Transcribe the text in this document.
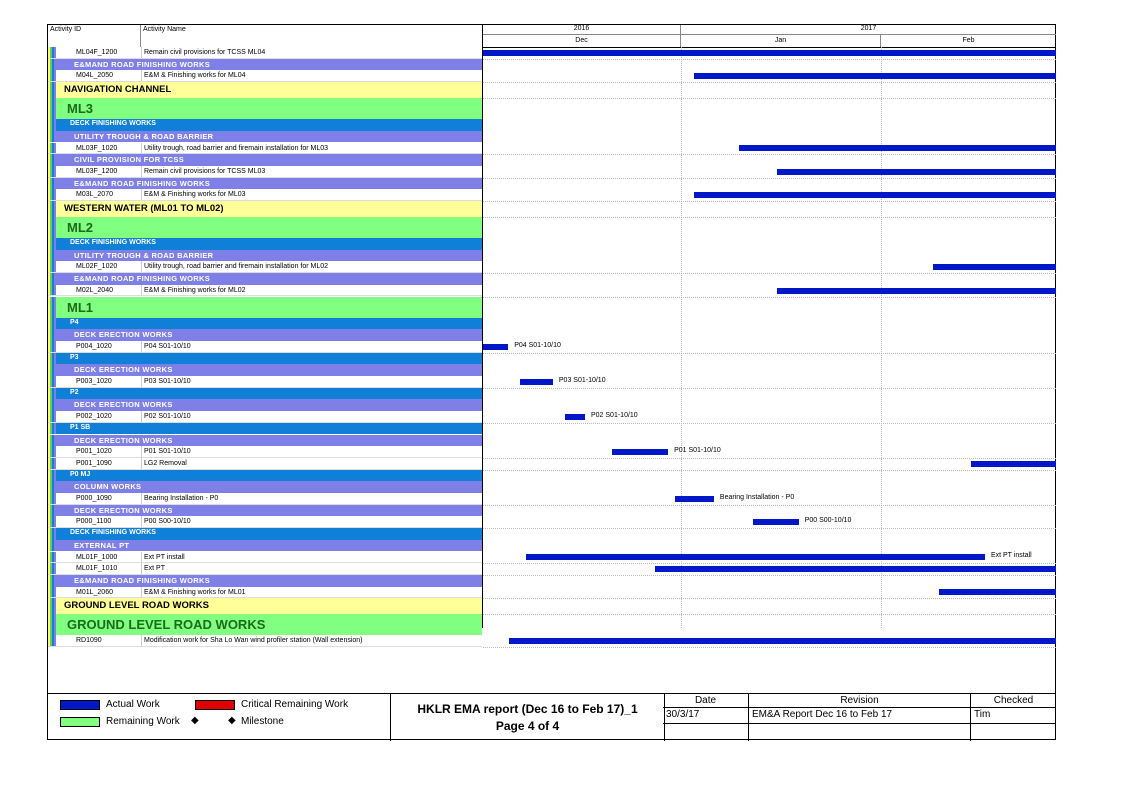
Activity ID	Activity Name	2016	2017
Dec	Jan	Feb
ML04F_1200	Remain civil provisions for TCSS ML04
E&MAND ROAD FINISHING WORKS
M04L_2050	E&M & Finishing works for ML04
NAVIGATION CHANNEL
ML3
DECK FINISHING WORKS
UTILITY TROUGH & ROAD BARRIER
ML03F_1020	Utility trough, road barrier and firemain installation for ML03
CIVIL PROVISION FOR TCSS
ML03F_1200	Remain civil provisions for TCSS ML03
E&MAND ROAD FINISHING WORKS
M03L_2070	E&M & Finishing works for ML03
WESTERN WATER (ML01 TO ML02)
ML2
DECK FINISHING WORKS
UTILITY TROUGH & ROAD BARRIER
ML02F_1020	Utility trough, road barrier and firemain installation for ML02
E&MAND ROAD FINISHING WORKS
M02L_2040	E&M & Finishing works for ML02
ML1
P4
DECK ERECTION WORKS
P004_1020	P04 S01-10/10
P3
DECK ERECTION WORKS
P003_1020	P03 S01-10/10
P2
DECK ERECTION WORKS
P002_1020	P02 S01-10/10
P1 SB
DECK ERECTION WORKS
P001_1020	P01 S01-10/10
P001_1090	LG2 Removal
P0 MJ
COLUMN WORKS
P000_1090	Bearing Installation - P0
DECK ERECTION WORKS
P000_1100	P00 S00-10/10
DECK FINISHING WORKS
EXTERNAL PT
ML01F_1000	Ext PT install
ML01F_1010	Ext PT
E&MAND ROAD FINISHING WORKS
M01L_2060	E&M & Finishing works for ML01
GROUND LEVEL ROAD WORKS
GROUND LEVEL ROAD WORKS
RD1090	Modification work for Sha Lo Wan wind profiler station (Wall extension)
P04 S01-10/10
P03 S01-10/10
P02 S01-10/10
P01 S01-10/10
Bearing Installation - P0
P00 S00-10/10
Ext PT install
Actual Work	Critical Remaining Work
Remaining Work ◆	◆ Milestone
HKLR EMA report (Dec 16 to Feb 17)_1
Page 4 of 4
Date	Revision	Checked
30/3/17	EM&A Report Dec 16 to Feb 17	Tim
